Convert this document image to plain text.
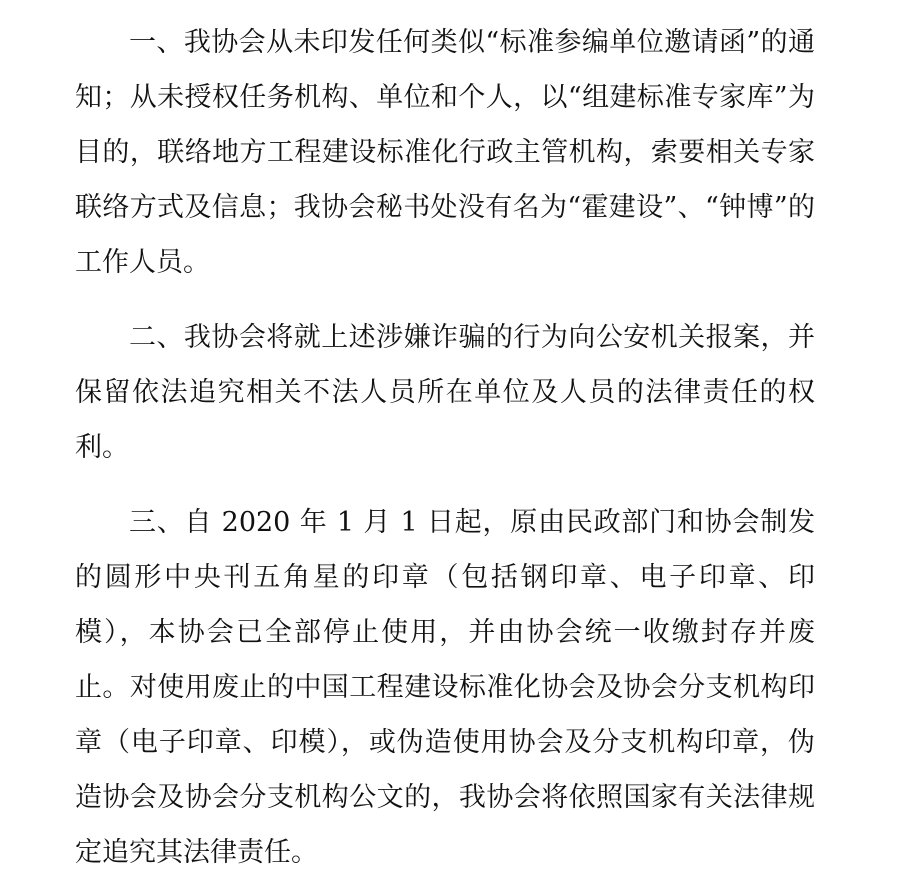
一、我协会从未印发任何类似“标准参编单位邀请函”的通知；从未授权任务机构、单位和个人，以“组建标准专家库”为目的，联络地方工程建设标准化行政主管机构，索要相关专家联络方式及信息；我协会秘书处没有名为“霍建设”、“钟博”的工作人员。

二、我协会将就上述涉嫌诈骗的行为向公安机关报案，并保留依法追究相关不法人员所在单位及人员的法律责任的权利。

三、自 2020 年 1 月 1 日起，原由民政部门和协会制发的圆形中央刊五角星的印章（包括钢印章、电子印章、印模），本协会已全部停止使用，并由协会统一收缴封存并废止。对使用废止的中国工程建设标准化协会及协会分支机构印章（电子印章、印模），或伪造使用协会及分支机构印章，伪造协会及协会分支机构公文的，我协会将依照国家有关法律规定追究其法律责任。
